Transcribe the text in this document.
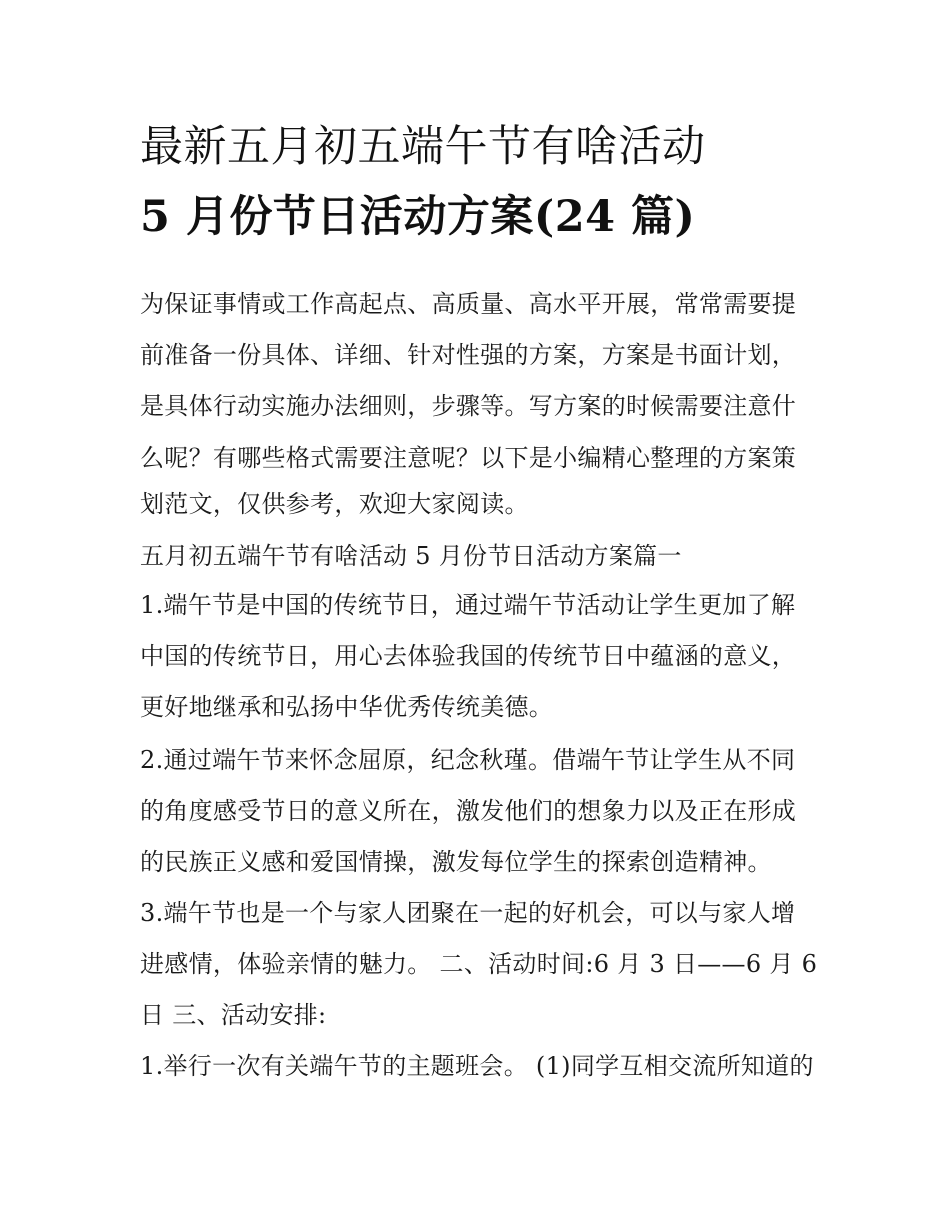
最新五月初五端午节有啥活动
5 月份节日活动方案(24 篇)
为保证事情或工作高起点、高质量、高水平开展，常常需要提
前准备一份具体、详细、针对性强的方案，方案是书面计划，
是具体行动实施办法细则，步骤等。写方案的时候需要注意什
么呢？有哪些格式需要注意呢？以下是小编精心整理的方案策
划范文，仅供参考，欢迎大家阅读。
五月初五端午节有啥活动 5 月份节日活动方案篇一
1.端午节是中国的传统节日，通过端午节活动让学生更加了解
中国的传统节日，用心去体验我国的传统节日中蕴涵的意义，
更好地继承和弘扬中华优秀传统美德。
2.通过端午节来怀念屈原，纪念秋瑾。借端午节让学生从不同
的角度感受节日的意义所在，激发他们的想象力以及正在形成
的民族正义感和爱国情操，激发每位学生的探索创造精神。
3.端午节也是一个与家人团聚在一起的好机会，可以与家人增
进感情，体验亲情的魅力。 二、活动时间:6 月 3 日——6 月 6
日 三、活动安排:
1.举行一次有关端午节的主题班会。 (1)同学互相交流所知道的
